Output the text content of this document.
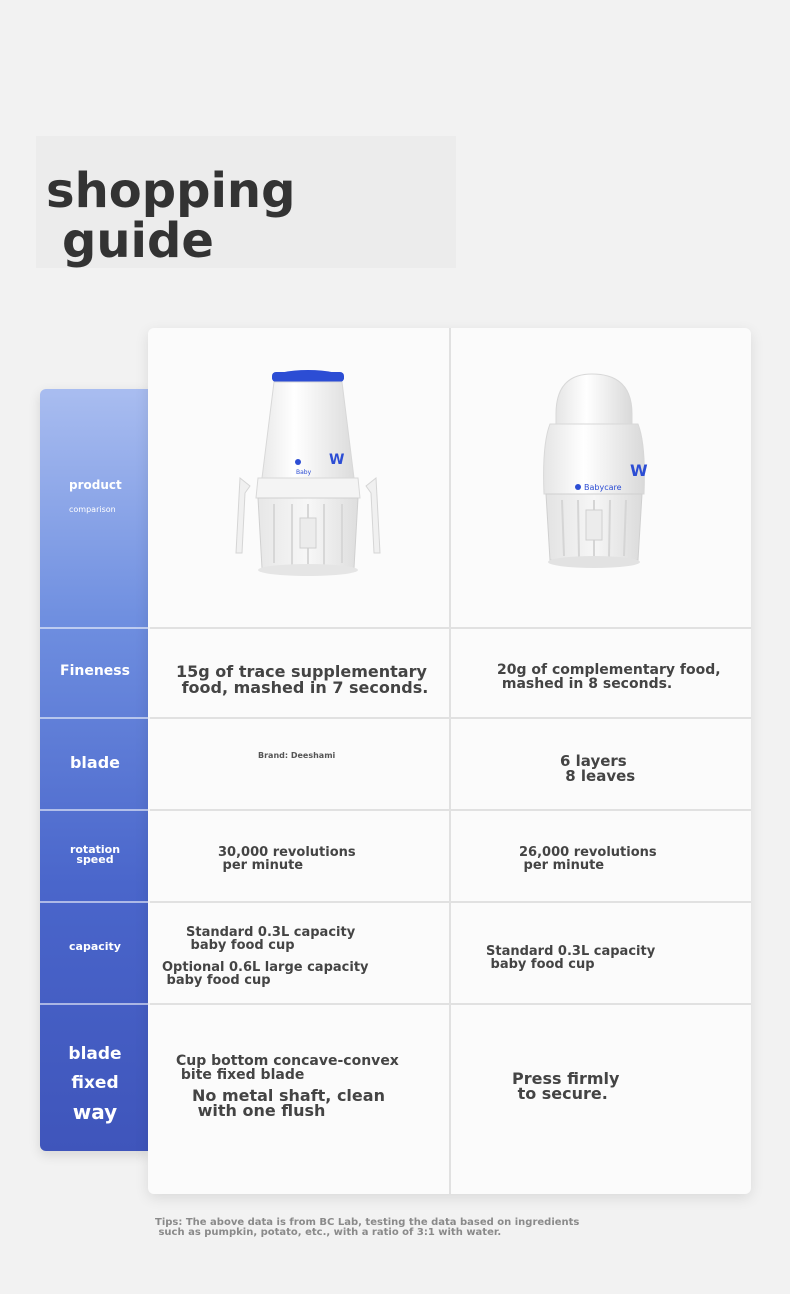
shopping
guide
Baby
W
Babycare
W
15g of trace supplementary
food, mashed in 7 seconds.
20g of complementary food,
mashed in 8 seconds.
Brand: Deeshami	6 layers
8 leaves
30,000 revolutions
per minute
26,000 revolutions
per minute
Standard 0.3L capacity
baby food cup
Optional 0.6L large capacity
baby food cup
Standard 0.3L capacity
baby food cup
Cup bottom concave-convex
bite fixed blade
No metal shaft, clean
with one flush
Press firmly
to secure.
product
comparison
Fineness
blade
rotation
speed
capacity
blade
fixed
way
Tips: The above data is from BC Lab, testing the data based on ingredients
such as pumpkin, potato, etc., with a ratio of 3:1 with water.
